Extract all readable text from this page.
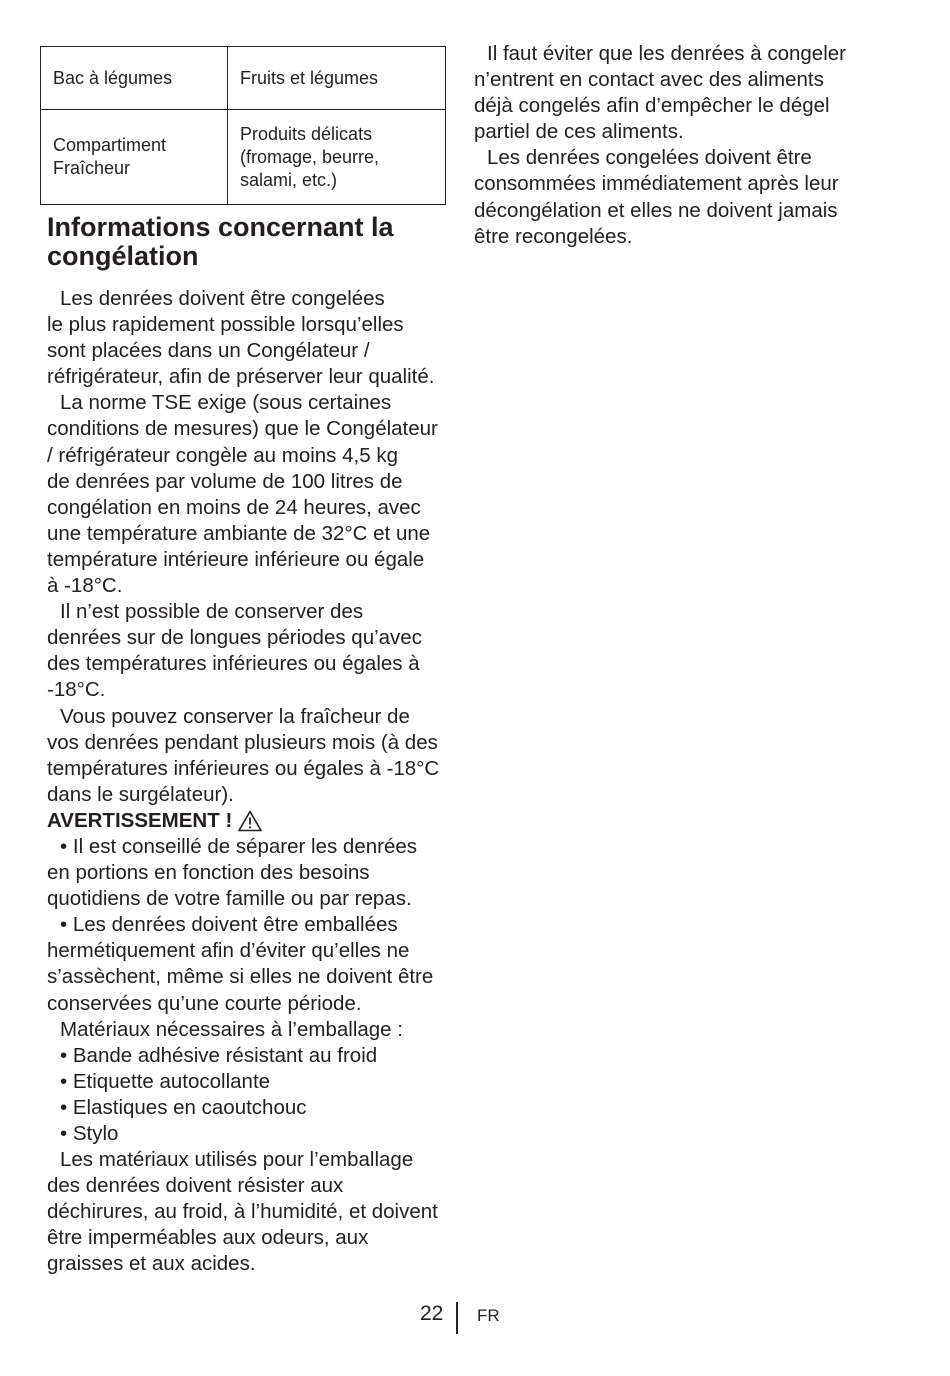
Bac à légumes	Fruits et légumes
Compartiment
Fraîcheur	Produits délicats
(fromage, beurre,
salami, etc.)
Informations concernant la
congélation

Les denrées doivent être congelées

le plus rapidement possible lorsqu’elles

sont placées dans un Congélateur /

réfrigérateur, afin de préserver leur qualité.

La norme TSE exige (sous certaines

conditions de mesures) que le Congélateur

/ réfrigérateur congèle au moins 4,5 kg

de denrées par volume de 100 litres de

congélation en moins de 24 heures, avec

une température ambiante de 32°C et une

température intérieure inférieure ou égale

à -18°C.

Il n’est possible de conserver des

denrées sur de longues périodes qu’avec

des températures inférieures ou égales à

-18°C.

Vous pouvez conserver la fraîcheur de

vos denrées pendant plusieurs mois (à des

températures inférieures ou égales à -18°C

dans le surgélateur).

AVERTISSEMENT !

• Il est conseillé de séparer les denrées

en portions en fonction des besoins

quotidiens de votre famille ou par repas.

• Les denrées doivent être emballées

hermétiquement afin d’éviter qu’elles ne

s’assèchent, même si elles ne doivent être

conservées qu’une courte période.

Matériaux nécessaires à l’emballage :

• Bande adhésive résistant au froid

• Etiquette autocollante

• Elastiques en caoutchouc

• Stylo

Les matériaux utilisés pour l’emballage

des denrées doivent résister aux

déchirures, au froid, à l’humidité, et doivent

être imperméables aux odeurs, aux

graisses et aux acides.

Il faut éviter que les denrées à congeler

n’entrent en contact avec des aliments

déjà congelés afin d’empêcher le dégel

partiel de ces aliments.

Les denrées congelées doivent être

consommées immédiatement après leur

décongélation et elles ne doivent jamais

être recongelées.

22 FR
